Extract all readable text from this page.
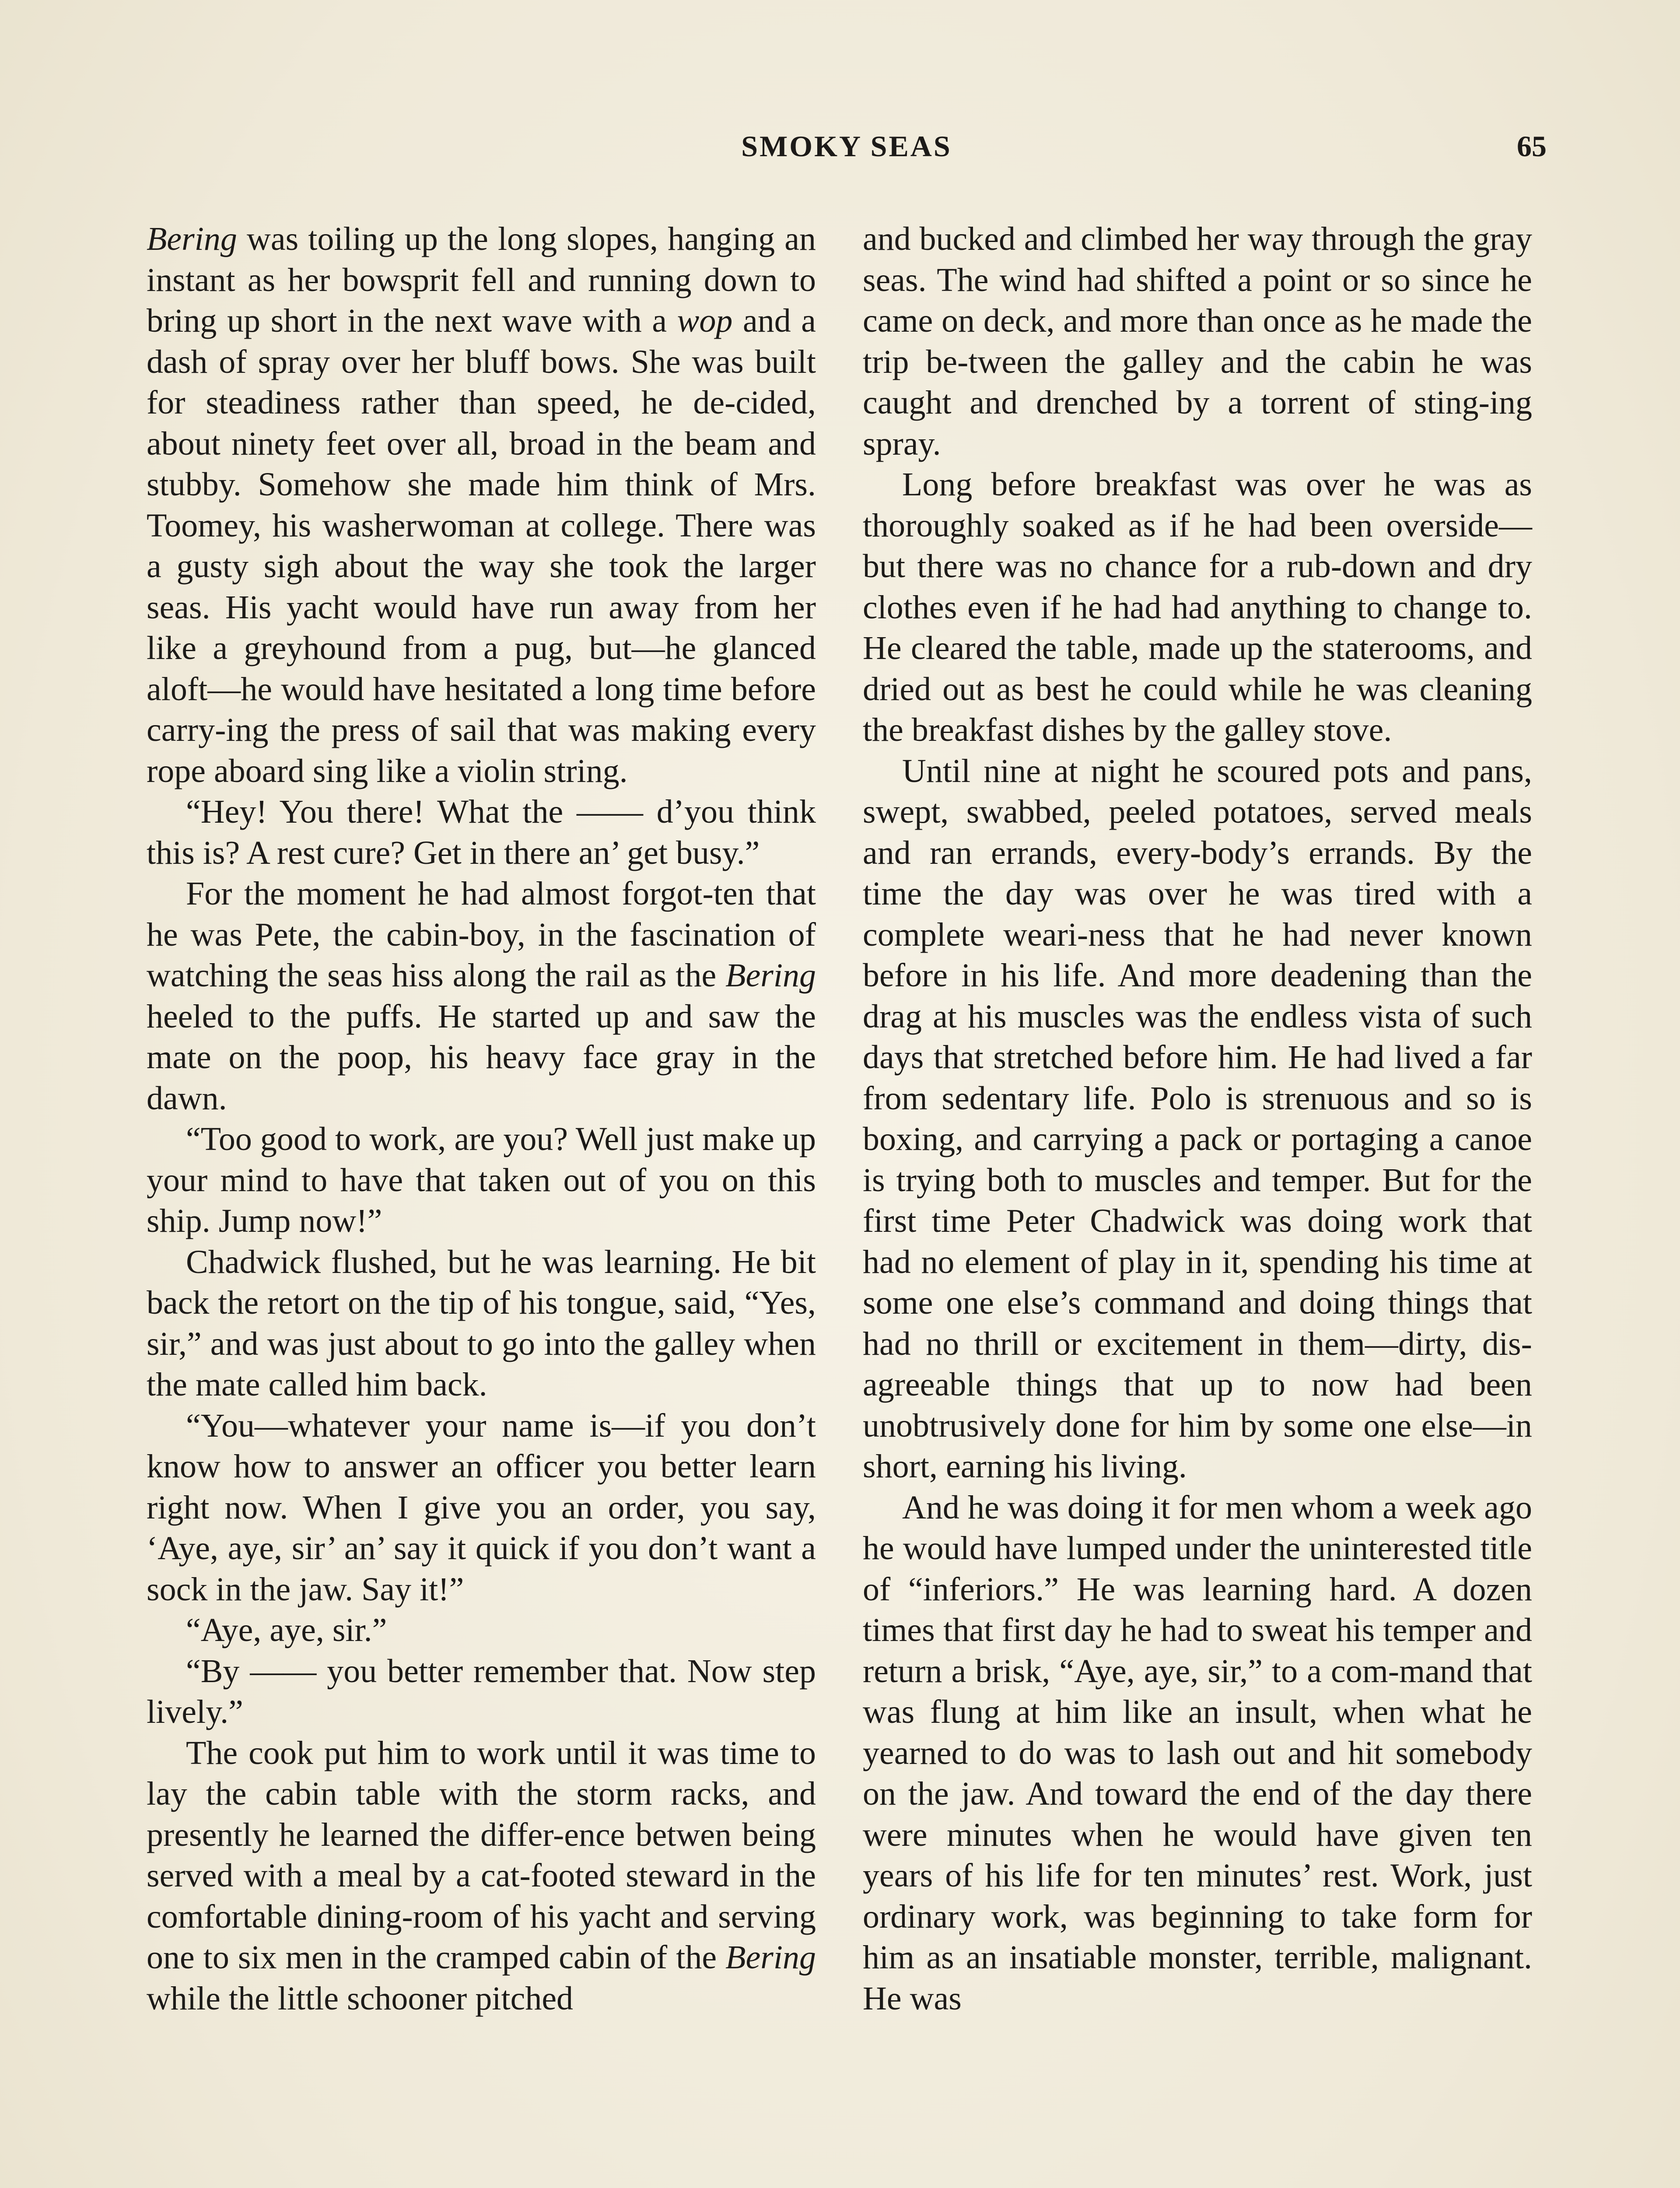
SMOKY SEAS	65

Bering was toiling up the long slopes, hanging an instant as her bowsprit fell and running down to bring up short in the next wave with a wop and a dash of spray over her bluff bows. She was built for steadiness rather than speed, he de-​cided, about ninety feet over all, broad in the beam and stubby. Somehow she made him think of Mrs. Toomey, his washerwoman at college. There was a gusty sigh about the way she took the larger seas. His yacht would have run away from her like a greyhound from a pug, but—he glanced aloft—he would have hesitated a long time before carry-​ing the press of sail that was making every rope aboard sing like a violin string.

“Hey! You there! What the —— d’you think this is? A rest cure? Get in there an’ get busy.”

For the moment he had almost forgot-​ten that he was Pete, the cabin-boy, in the fascination of watching the seas hiss along the rail as the Bering heeled to the puffs. He started up and saw the mate on the poop, his heavy face gray in the dawn.

“Too good to work, are you? Well just make up your mind to have that taken out of you on this ship. Jump now!”

Chadwick flushed, but he was learning. He bit back the retort on the tip of his tongue, said, “Yes, sir,” and was just about to go into the galley when the mate called him back.

“You—whatever your name is—if you don’t know how to answer an officer you better learn right now. When I give you an order, you say, ‘Aye, aye, sir’ an’ say it quick if you don’t want a sock in the jaw. Say it!”

“Aye, aye, sir.”

“By —— you better remember that. Now step lively.”

The cook put him to work until it was time to lay the cabin table with the storm racks, and presently he learned the differ-​ence betwen being served with a meal by a cat-footed steward in the comfortable dining-room of his yacht and serving one to six men in the cramped cabin of the Bering while the little schooner pitched

and bucked and climbed her way through the gray seas. The wind had shifted a point or so since he came on deck, and more than once as he made the trip be-​tween the galley and the cabin he was caught and drenched by a torrent of sting-​ing spray.

Long before breakfast was over he was as thoroughly soaked as if he had been overside—but there was no chance for a rub-down and dry clothes even if he had had anything to change to. He cleared the table, made up the staterooms, and dried out as best he could while he was cleaning the breakfast dishes by the galley stove.

Until nine at night he scoured pots and pans, swept, swabbed, peeled potatoes, served meals and ran errands, every-​body’s errands. By the time the day was over he was tired with a complete weari-​ness that he had never known before in his life. And more deadening than the drag at his muscles was the endless vista of such days that stretched before him. He had lived a far from sedentary life. Polo is strenuous and so is boxing, and carrying a pack or portaging a canoe is trying both to muscles and temper. But for the first time Peter Chadwick was doing work that had no element of play in it, spending his time at some one else’s command and doing things that had no thrill or excitement in them—dirty, dis-​agreeable things that up to now had been unobtrusively done for him by some one else—in short, earning his living.

And he was doing it for men whom a week ago he would have lumped under the uninterested title of “inferiors.” He was learning hard. A dozen times that first day he had to sweat his temper and return a brisk, “Aye, aye, sir,” to a com-​mand that was flung at him like an insult, when what he yearned to do was to lash out and hit somebody on the jaw. And toward the end of the day there were minutes when he would have given ten years of his life for ten minutes’ rest. Work, just ordinary work, was beginning to take form for him as an insatiable monster, terrible, malignant. He was
